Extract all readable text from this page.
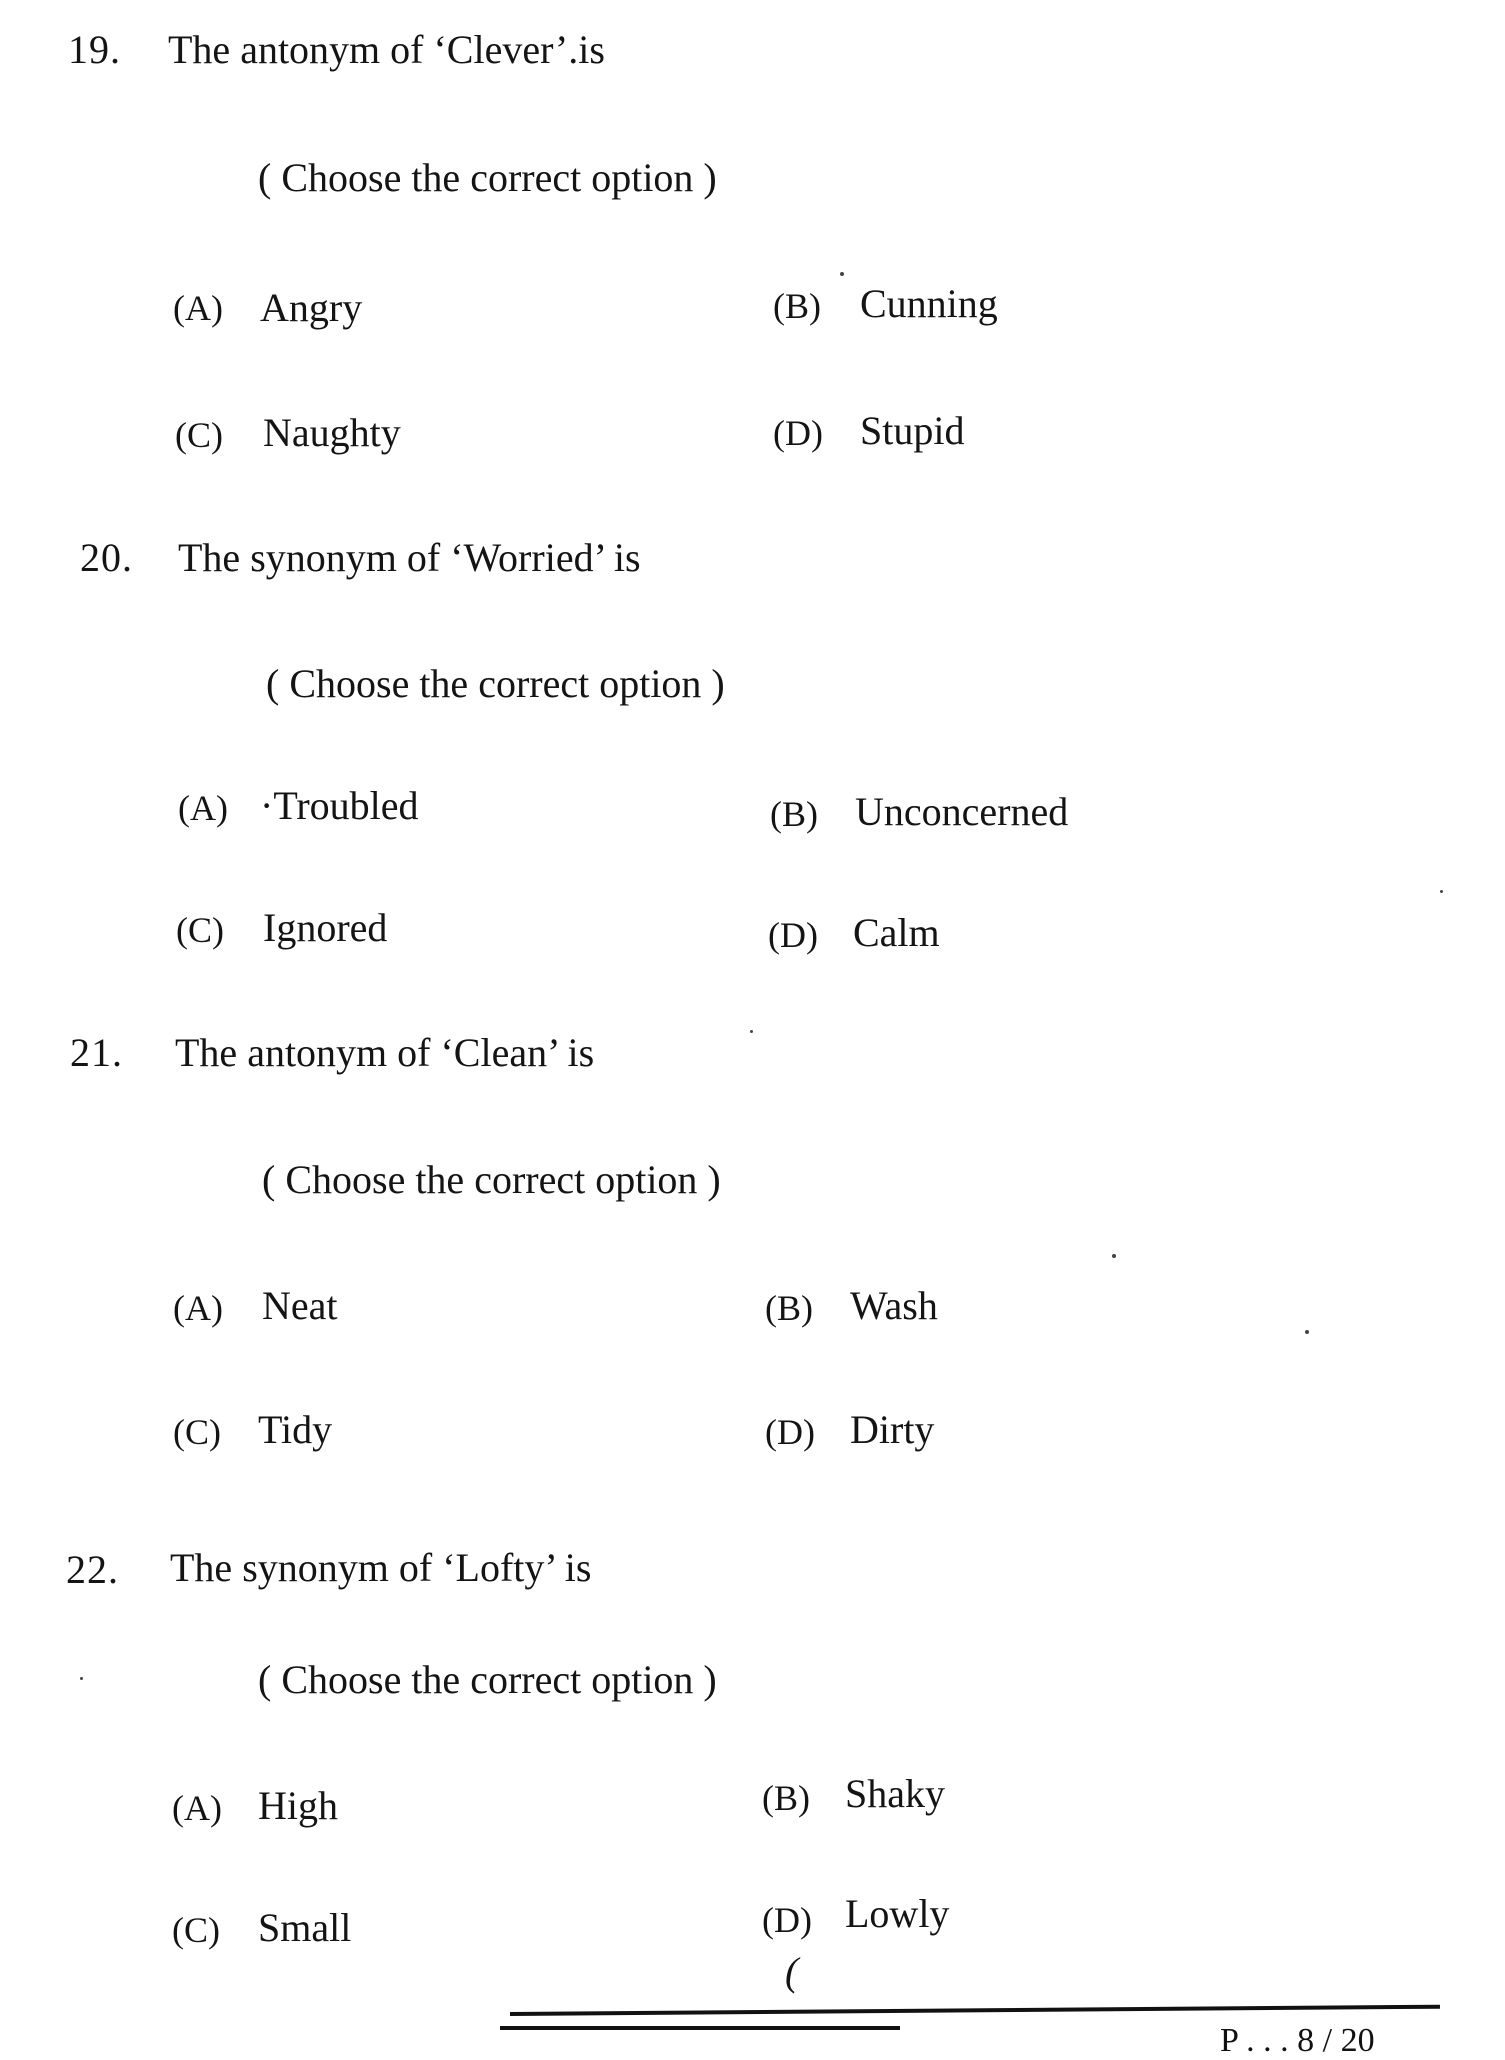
19. The antonym of ‘Clever’.is
( Choose the correct option )
(A) Angry	(B) Cunning
(C) Naughty	(D) Stupid
20. The synonym of ‘Worried’ is
( Choose the correct option )
(A) ·Troubled	(B) Unconcerned
(C) Ignored	(D) Calm
21. The antonym of ‘Clean’ is
( Choose the correct option )
(A) Neat	(B) Wash
(C) Tidy	(D) Dirty
22. The synonym of ‘Lofty’ is
( Choose the correct option )
(A) High	(B) Shaky
(C) Small	(D) Lowly
(
P . . . 8 / 20
